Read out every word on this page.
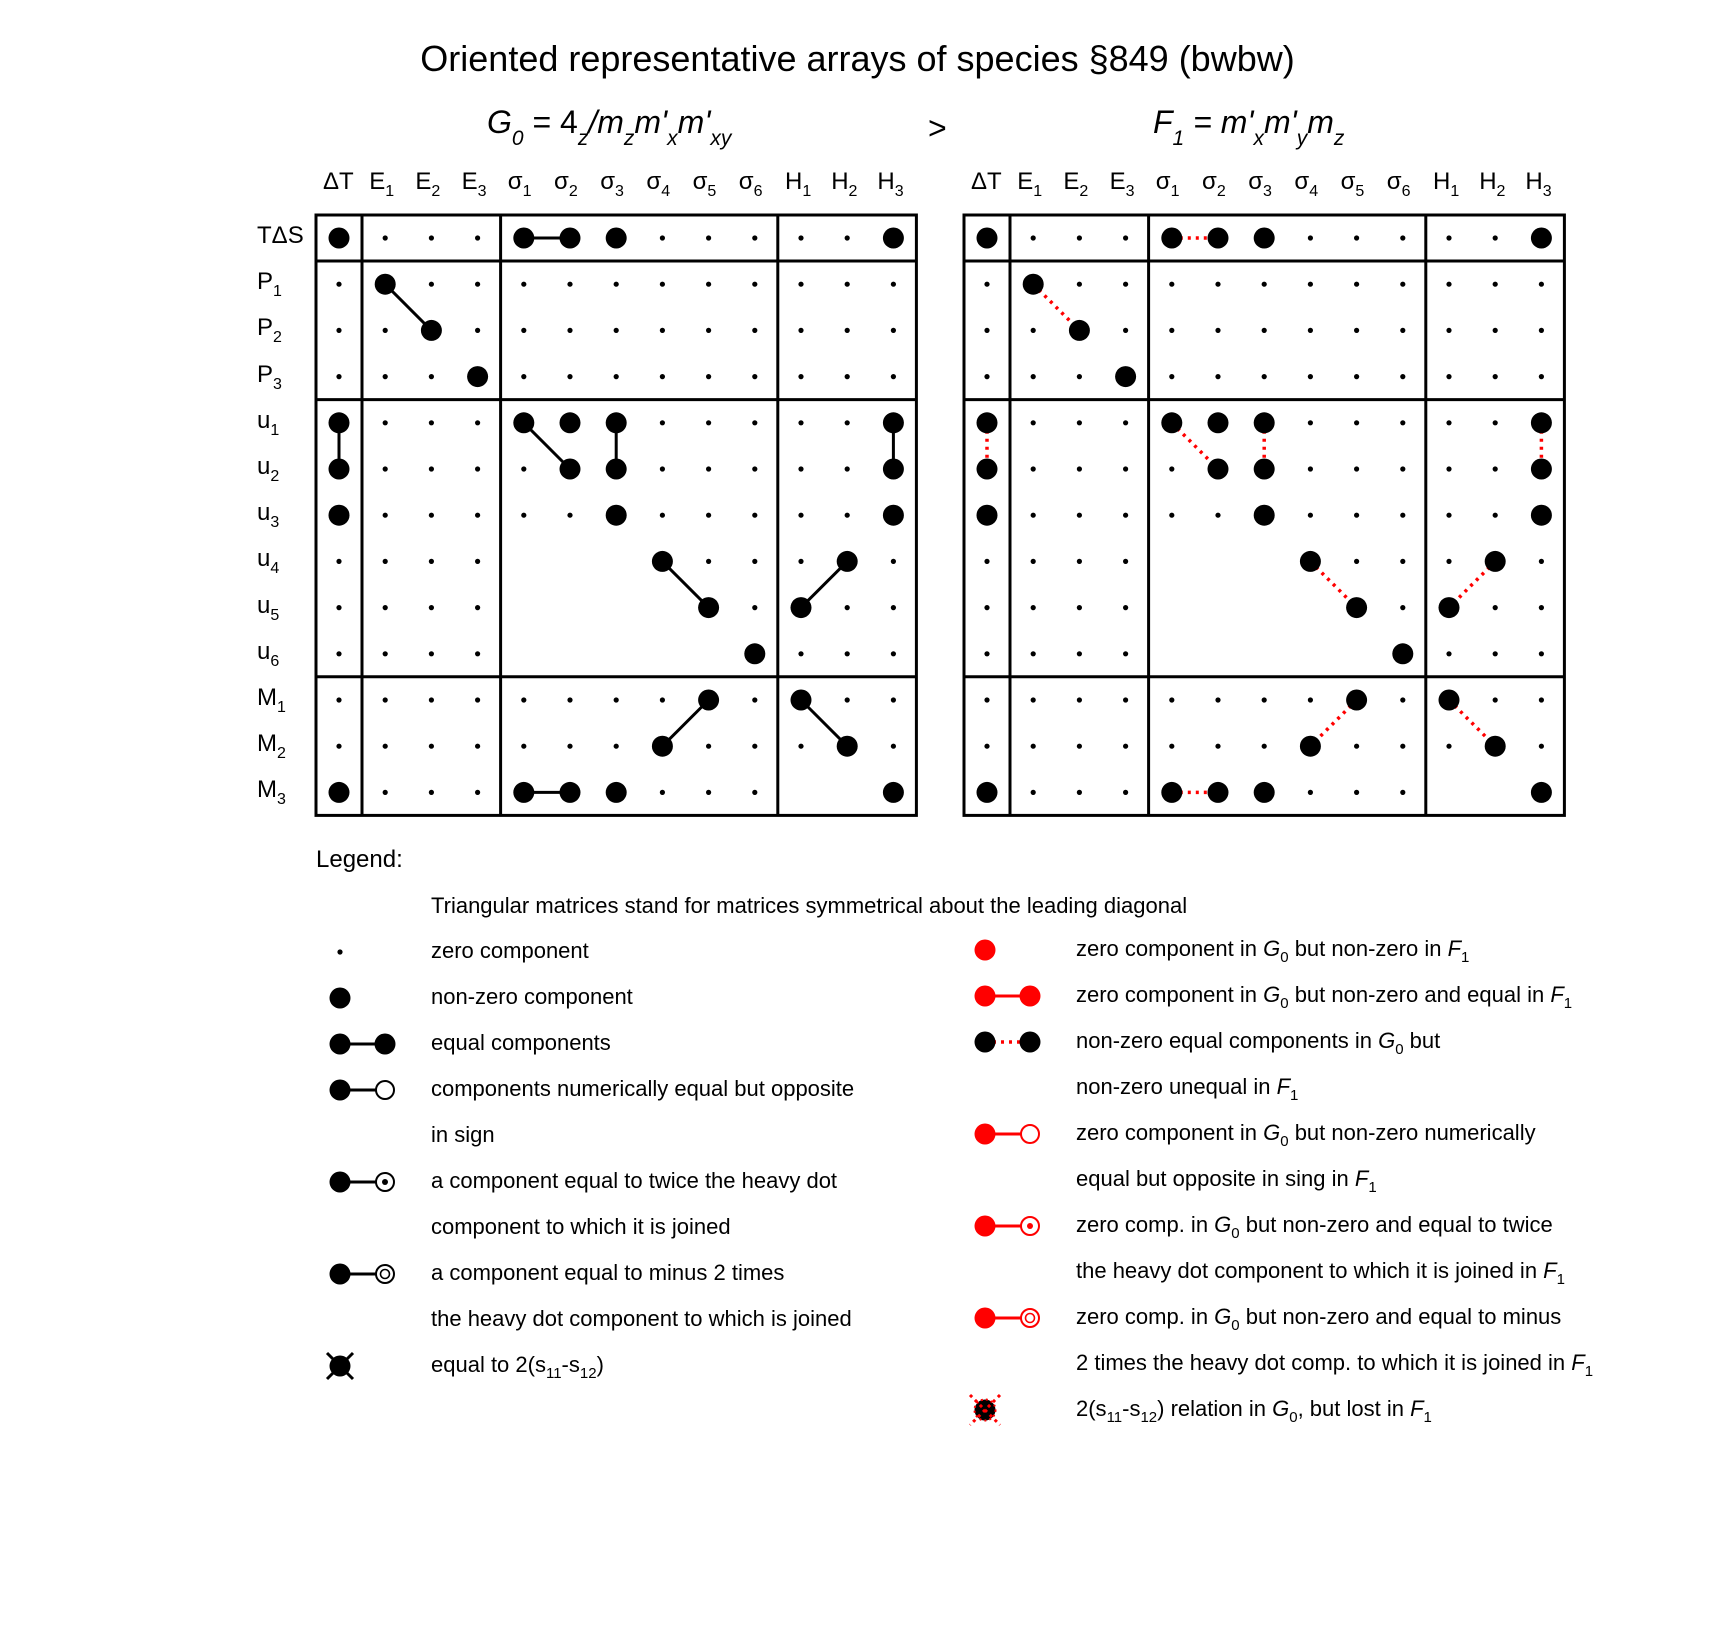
Oriented representative arrays of species §849 (bwbw)
$G_0 = 4_z/m_zm'_xm'_{xy}$	>	$F_1 = m'_xm'_ym_z$
Legend:
Triangular matrices stand for matrices symmetrical about the leading diagonal
ΔT $E_1$ $E_2$ $E_3$ $\sigma_1$ $\sigma_2$ $\sigma_3$ $\sigma_4$ $\sigma_5$ $\sigma_6$ $H_1$ $H_2$ $H_3$
TΔS
$P_1$
$P_2$
$P_3$
$u_1$
$u_2$
$u_3$
$u_4$
$u_5$
$u_6$
$M_1$
$M_2$
$M_3$
ΔT $E_1$ $E_2$ $E_3$ $\sigma_1$ $\sigma_2$ $\sigma_3$ $\sigma_4$ $\sigma_5$ $\sigma_6$ $H_1$ $H_2$ $H_3$
zero component
non-zero component
equal components
components numerically equal but opposite
in sign
a component equal to twice the heavy dot
component to which it is joined
a component equal to minus 2 times
the heavy dot component to which is joined
equal to $2(s_{11}-s_{12})$
zero component in $G_0$ but non-zero in $F_1$
zero component in $G_0$ but non-zero and equal in $F_1$
non-zero equal components in $G_0$ but
non-zero unequal in $F_1$
zero component in $G_0$ but non-zero numerically
equal but opposite in sing in $F_1$
zero comp. in $G_0$ but non-zero and equal to twice
the heavy dot component to which it is joined in $F_1$
zero comp. in $G_0$ but non-zero and equal to minus
2 times the heavy dot comp. to which it is joined in $F_1$
$2(s_{11}-s_{12})$ relation in $G_0$, but lost in $F_1$
